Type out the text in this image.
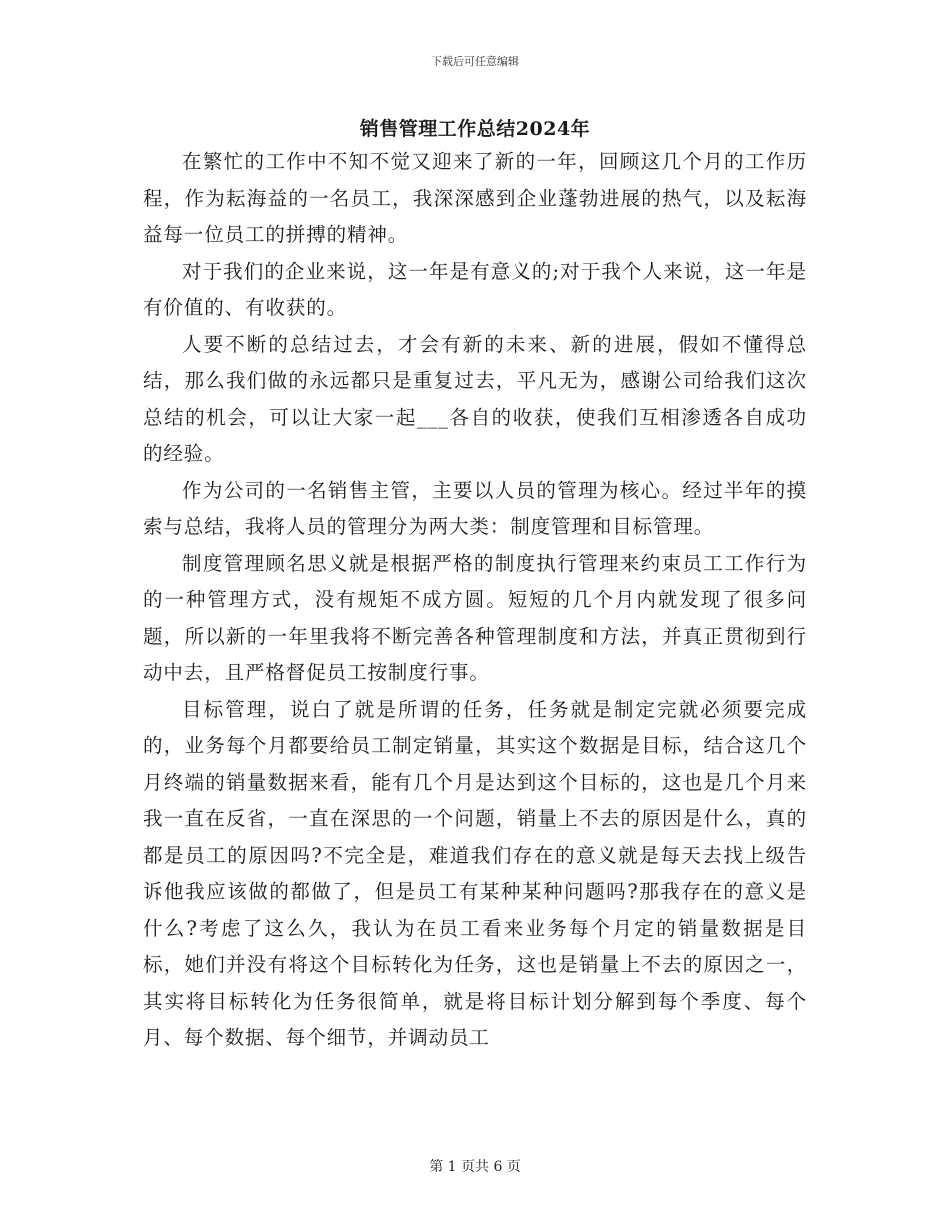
下载后可任意编辑
销售管理工作总结2024年

在繁忙的工作中不知不觉又迎来了新的一年，回顾这几个月的工作历程，作为耘海益的一名员工，我深深感到企业蓬勃进展的热气，以及耘海益每一位员工的拼搏的精神。

对于我们的企业来说，这一年是有意义的;对于我个人来说，这一年是有价值的、有收获的。

人要不断的总结过去，才会有新的未来、新的进展，假如不懂得总结，那么我们做的永远都只是重复过去，平凡无为，感谢公司给我们这次总结的机会，可以让大家一起___各自的收获，使我们互相渗透各自成功的经验。

作为公司的一名销售主管，主要以人员的管理为核心。经过半年的摸索与总结，我将人员的管理分为两大类：制度管理和目标管理。

制度管理顾名思义就是根据严格的制度执行管理来约束员工工作行为的一种管理方式，没有规矩不成方圆。短短的几个月内就发现了很多问题，所以新的一年里我将不断完善各种管理制度和方法，并真正贯彻到行动中去，且严格督促员工按制度行事。

目标管理，说白了就是所谓的任务，任务就是制定完就必须要完成的，业务每个月都要给员工制定销量，其实这个数据是目标，结合这几个月终端的销量数据来看，能有几个月是达到这个目标的，这也是几个月来我一直在反省，一直在深思的一个问题，销量上不去的原因是什么，真的都是员工的原因吗?不完全是，难道我们存在的意义就是每天去找上级告诉他我应该做的都做了，但是员工有某种某种问题吗?那我存在的意义是什么?考虑了这么久，我认为在员工看来业务每个月定的销量数据是目标，她们并没有将这个目标转化为任务，这也是销量上不去的原因之一，其实将目标转化为任务很简单，就是将目标计划分解到每个季度、每个月、每个数据、每个细节，并调动员工

第 1 页共 6 页
